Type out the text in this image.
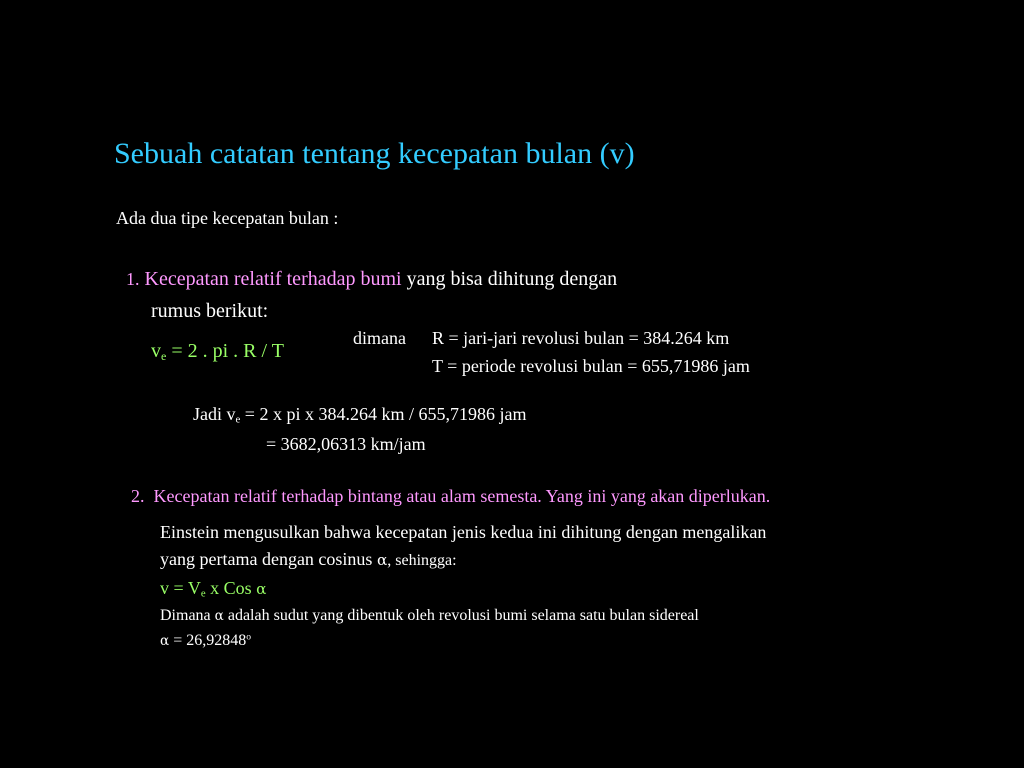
Sebuah catatan tentang kecepatan bulan (v)
Ada dua tipe kecepatan bulan :
1. Kecepatan relatif terhadap bumi yang bisa dihitung dengan
rumus berikut:
$v_e = 2$ . pi . R / T
dimana R = jari-jari revolusi bulan = 384.264 km
T = periode revolusi bulan = 655,71986 jam
Jadi $v_e = 2$ x pi x 384.264 km / 655,71986 jam
= 3682,06313 km/jam
2. Kecepatan relatif terhadap bintang atau alam semesta. Yang ini yang akan diperlukan.
Einstein mengusulkan bahwa kecepatan jenis kedua ini dihitung dengan mengalikan
yang pertama dengan cosinus α, sehingga:
$v = V_e$ x Cos α
Dimana α adalah sudut yang dibentuk oleh revolusi bumi selama satu bulan sidereal
$\alpha = 26,92848^o$
